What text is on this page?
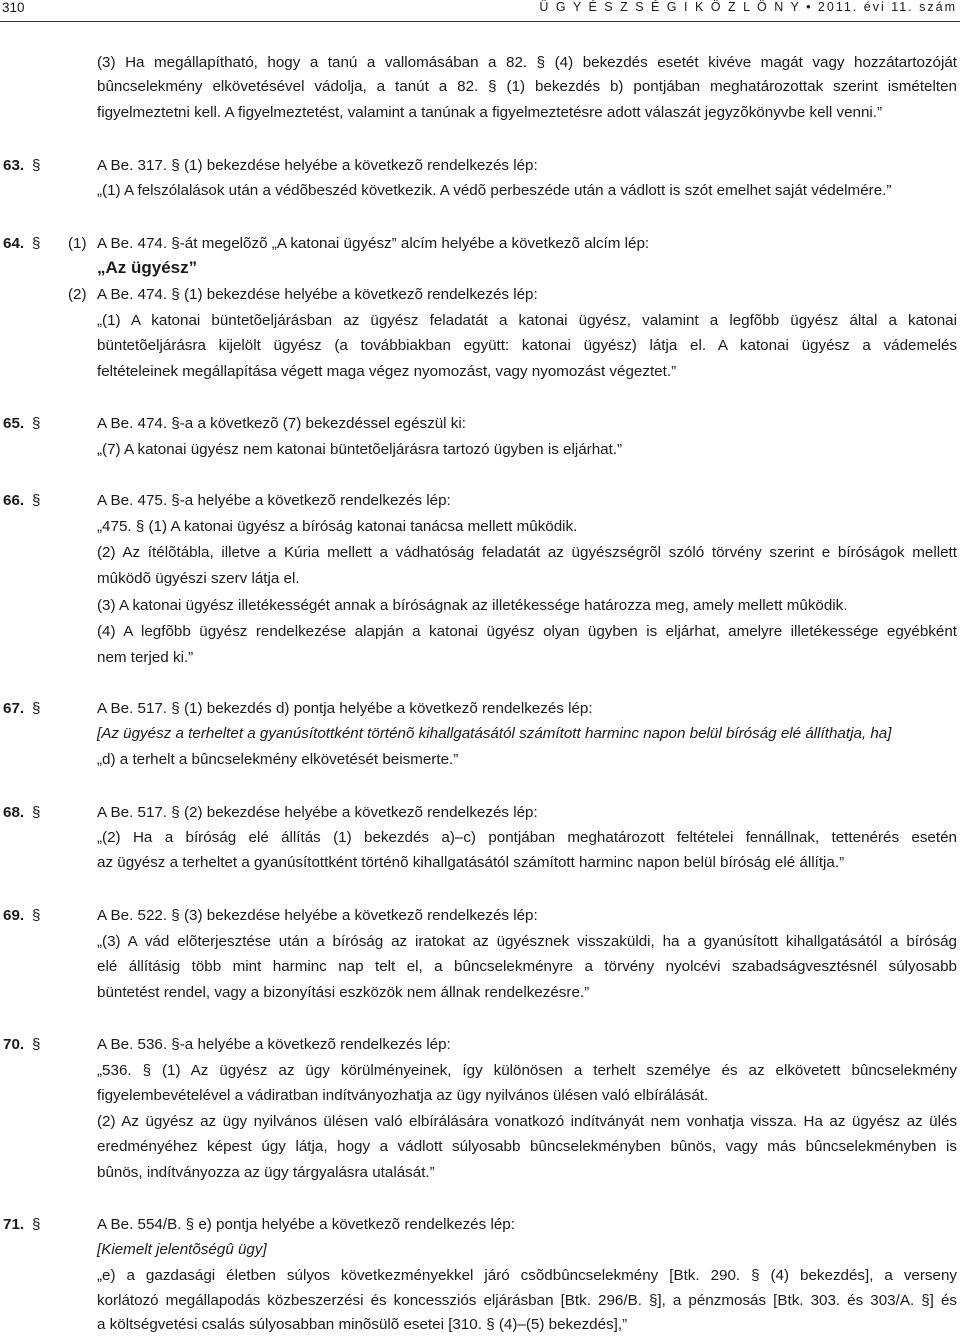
310	Ü G Y É S Z S É G I K Ö Z L Ö N Y • 2011. évi 11. szám
(3) Ha megállapítható, hogy a tanú a vallomásában a 82. § (4) bekezdés esetét kivéve magát vagy hozzátartozóját
bûncselekmény elkövetésével vádolja, a tanút a 82. § (1) bekezdés b) pontjában meghatározottak szerint ismételten
figyelmeztetni kell. A figyelmeztetést, valamint a tanúnak a figyelmeztetésre adott válaszát jegyzõkönyvbe kell venni.”
63. §	A Be. 317. § (1) bekezdése helyébe a következõ rendelkezés lép:
„(1) A felszólalások után a védõbeszéd következik. A védõ perbeszéde után a vádlott is szót emelhet saját védelmére.”
64. § (1) A Be. 474. §-át megelõzõ „A katonai ügyész” alcím helyébe a következõ alcím lép:
„Az ügyész”
(2) A Be. 474. § (1) bekezdése helyébe a következõ rendelkezés lép:
„(1) A katonai büntetõeljárásban az ügyész feladatát a katonai ügyész, valamint a legfõbb ügyész által a katonai
büntetõeljárásra kijelölt ügyész (a továbbiakban együtt: katonai ügyész) látja el. A katonai ügyész a vádemelés
feltételeinek megállapítása végett maga végez nyomozást, vagy nyomozást végeztet.”
65. §	A Be. 474. §-a a következõ (7) bekezdéssel egészül ki:
„(7) A katonai ügyész nem katonai büntetõeljárásra tartozó ügyben is eljárhat.”
66. §	A Be. 475. §-a helyébe a következõ rendelkezés lép:
„475. § (1) A katonai ügyész a bíróság katonai tanácsa mellett mûködik.
(2) Az ítélõtábla, illetve a Kúria mellett a vádhatóság feladatát az ügyészségrõl szóló törvény szerint e bíróságok mellett
mûködõ ügyészi szerv látja el.
(3) A katonai ügyész illetékességét annak a bíróságnak az illetékessége határozza meg, amely mellett mûködik.
(4) A legfõbb ügyész rendelkezése alapján a katonai ügyész olyan ügyben is eljárhat, amelyre illetékessége egyébként
nem terjed ki.”
67. §	A Be. 517. § (1) bekezdés d) pontja helyébe a következõ rendelkezés lép:
[Az ügyész a terheltet a gyanúsítottként történõ kihallgatásától számított harminc napon belül bíróság elé állíthatja, ha]
„d) a terhelt a bûncselekmény elkövetését beismerte.”
68. §	A Be. 517. § (2) bekezdése helyébe a következõ rendelkezés lép:
„(2) Ha a bíróság elé állítás (1) bekezdés a)–c) pontjában meghatározott feltételei fennállnak, tettenérés esetén
az ügyész a terheltet a gyanúsítottként történõ kihallgatásától számított harminc napon belül bíróság elé állítja.”
69. §	A Be. 522. § (3) bekezdése helyébe a következõ rendelkezés lép:
„(3) A vád elõterjesztése után a bíróság az iratokat az ügyésznek visszaküldi, ha a gyanúsított kihallgatásától a bíróság
elé állításig több mint harminc nap telt el, a bûncselekményre a törvény nyolcévi szabadságvesztésnél súlyosabb
büntetést rendel, vagy a bizonyítási eszközök nem állnak rendelkezésre.”
70. §	A Be. 536. §-a helyébe a következõ rendelkezés lép:
„536. § (1) Az ügyész az ügy körülményeinek, így különösen a terhelt személye és az elkövetett bûncselekmény
figyelembevételével a vádiratban indítványozhatja az ügy nyilvános ülésen való elbírálását.
(2) Az ügyész az ügy nyilvános ülésen való elbírálására vonatkozó indítványát nem vonhatja vissza. Ha az ügyész az ülés
eredményéhez képest úgy látja, hogy a vádlott súlyosabb bûncselekményben bûnös, vagy más bûncselekményben is
bûnös, indítványozza az ügy tárgyalásra utalását.”
71. §	A Be. 554/B. § e) pontja helyébe a következõ rendelkezés lép:
[Kiemelt jelentõségû ügy]
„e) a gazdasági életben súlyos következményekkel járó csõdbûncselekmény [Btk. 290. § (4) bekezdés], a verseny
korlátozó megállapodás közbeszerzési és koncessziós eljárásban [Btk. 296/B. §], a pénzmosás [Btk. 303. és 303/A. §] és
a költségvetési csalás súlyosabban minõsülõ esetei [310. § (4)–(5) bekezdés],”
